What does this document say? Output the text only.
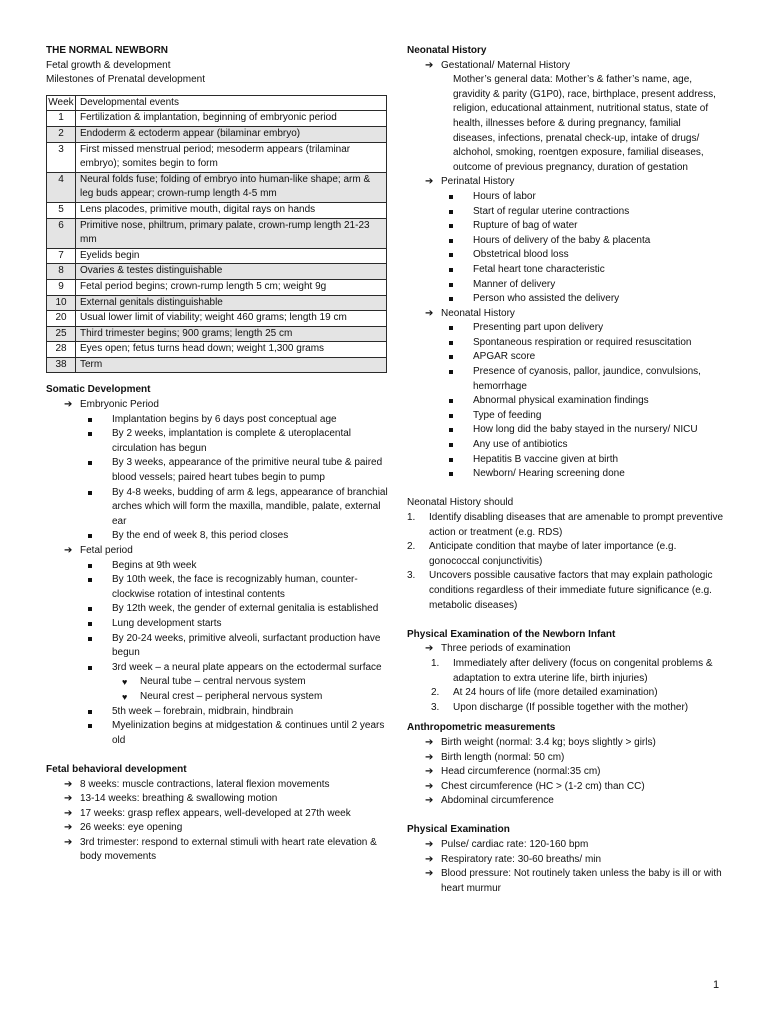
THE NORMAL NEWBORN
Fetal growth & development
Milestones of Prenatal development
Week	Developmental events
1	Fertilization & implantation, beginning of embryonic period
2	Endoderm & ectoderm appear (bilaminar embryo)
3	First missed menstrual period; mesoderm appears (trilaminar embryo); somites begin to form
4	Neural folds fuse; folding of embryo into human-like shape; arm & leg buds appear; crown-rump length 4-5 mm
5	Lens placodes, primitive mouth, digital rays on hands
6	Primitive nose, philtrum, primary palate, crown-rump length 21-23 mm
7	Eyelids begin
8	Ovaries & testes distinguishable
9	Fetal period begins; crown-rump length 5 cm; weight 9g
10	External genitals distinguishable
20	Usual lower limit of viability; weight 460 grams; length 19 cm
25	Third trimester begins; 900 grams; length 25 cm
28	Eyes open; fetus turns head down; weight 1,300 grams
38	Term
Somatic Development
➔ Embryonic Period
Implantation begins by 6 days post conceptual age
By 2 weeks, implantation is complete & uteroplacental circulation has begun
By 3 weeks, appearance of the primitive neural tube & paired blood vessels; paired heart tubes begin to pump
By 4-8 weeks, budding of arm & legs, appearance of branchial arches which will form the maxilla, mandible, palate, external ear
By the end of week 8, this period closes
➔ Fetal period
Begins at 9th week
By 10th week, the face is recognizably human, counter-clockwise rotation of intestinal contents
By 12th week, the gender of external genitalia is established
Lung development starts
By 20-24 weeks, primitive alveoli, surfactant production have begun
3rd week – a neural plate appears on the ectodermal surface
♥ Neural tube – central nervous system
♥ Neural crest – peripheral nervous system
5th week – forebrain, midbrain, hindbrain
Myelinization begins at midgestation & continues until 2 years old
Fetal behavioral development
➔ 8 weeks: muscle contractions, lateral flexion movements
➔ 13-14 weeks: breathing & swallowing motion
➔ 17 weeks: grasp reflex appears, well-developed at 27th week
➔ 26 weeks: eye opening
➔ 3rd trimester: respond to external stimuli with heart rate elevation & body movements
Neonatal History
➔ Gestational/ Maternal History
Mother’s general data: Mother’s & father’s name, age, gravidity & parity (G1P0), race, birthplace, present address, religion, educational attainment, nutritional status, state of health, illnesses before & during pregnancy, familial diseases, infections, prenatal check-up, intake of drugs/ alchohol, smoking, roentgen exposure, familial diseases, outcome of previous pregnancy, duration of gestation
➔ Perinatal History
Hours of labor
Start of regular uterine contractions
Rupture of bag of water
Hours of delivery of the baby & placenta
Obstetrical blood loss
Fetal heart tone characteristic
Manner of delivery
Person who assisted the delivery
➔ Neonatal History
Presenting part upon delivery
Spontaneous respiration or required resuscitation
APGAR score
Presence of cyanosis, pallor, jaundice, convulsions, hemorrhage
Abnormal physical examination findings
Type of feeding
How long did the baby stayed in the nursery/ NICU
Any use of antibiotics
Hepatitis B vaccine given at birth
Newborn/ Hearing screening done
Neonatal History should
1. Identify disabling diseases that are amenable to prompt preventive action or treatment (e.g. RDS)
2. Anticipate condition that maybe of later importance (e.g. gonococcal conjunctivitis)
3. Uncovers possible causative factors that may explain pathologic conditions regardless of their immediate future significance (e.g. metabolic diseases)
Physical Examination of the Newborn Infant
➔ Three periods of examination
1. Immediately after delivery (focus on congenital problems & adaptation to extra uterine life, birth injuries)
2. At 24 hours of life (more detailed examination)
3. Upon discharge (If possible together with the mother)
Anthropometric measurements
➔ Birth weight (normal: 3.4 kg; boys slightly > girls)
➔ Birth length (normal: 50 cm)
➔ Head circumference (normal:35 cm)
➔ Chest circumference (HC > (1-2 cm) than CC)
➔ Abdominal circumference
Physical Examination
➔ Pulse/ cardiac rate: 120-160 bpm
➔ Respiratory rate: 30-60 breaths/ min
➔ Blood pressure: Not routinely taken unless the baby is ill or with heart murmur
1
